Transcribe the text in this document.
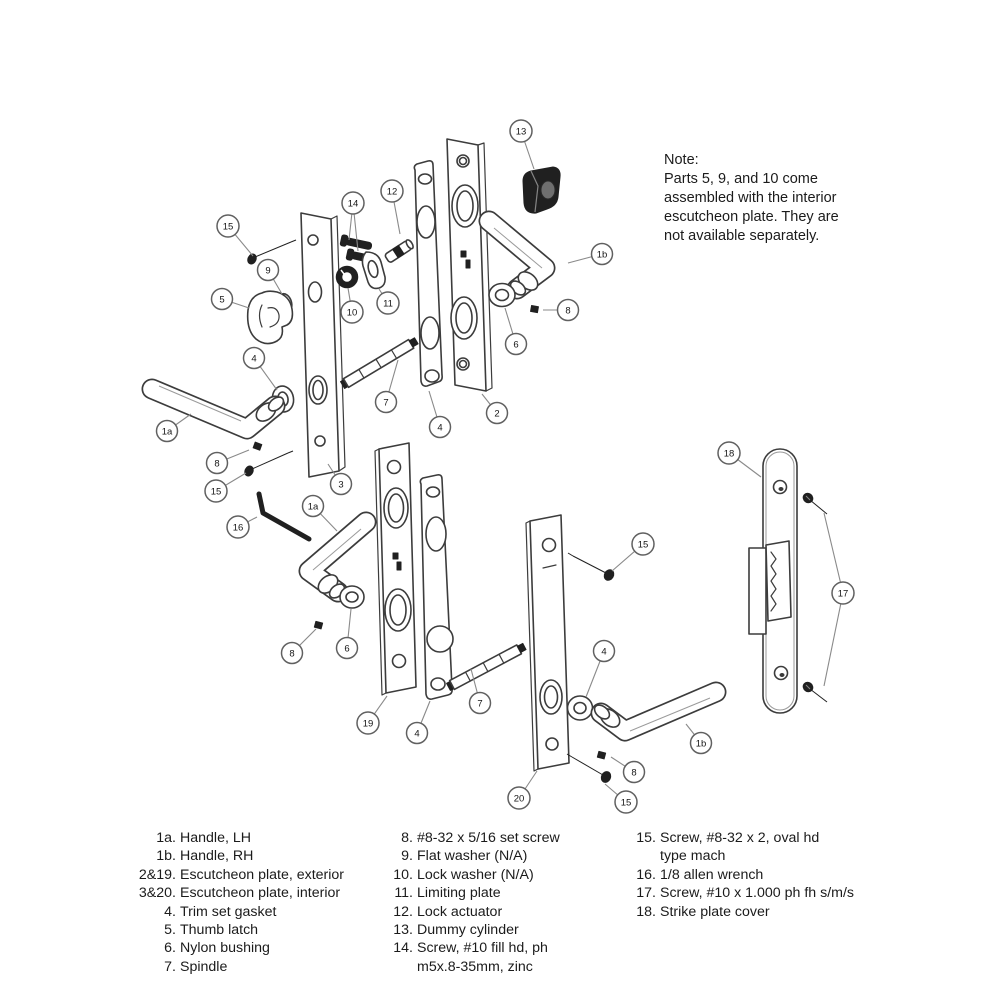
15
9
5
4
1a
8
15
3
7
14
12
10
11
4
2
13
1b
6
8
16
1a
8	6
19
4
7
20
15
4
1b
8
15
18
17
Note:
Parts 5, 9, and 10 come
assembled with the interior
escutcheon plate. They are
not available separately.
1a. Handle, LH
1b. Handle, RH
2&19. Escutcheon plate, exterior
3&20. Escutcheon plate, interior
4. Trim set gasket
5. Thumb latch
6. Nylon bushing
7. Spindle
8. #8-32 x 5/16 set screw
9. Flat washer (N/A)
10. Lock washer (N/A)
11. Limiting plate
12. Lock actuator
13. Dummy cylinder
14. Screw, #10 fill hd, ph
m5x.8-35mm, zinc
15. Screw, #8-32 x 2, oval hd
type mach
16. 1/8 allen wrench
17. Screw, #10 x 1.000 ph fh s/m/s
18. Strike plate cover
